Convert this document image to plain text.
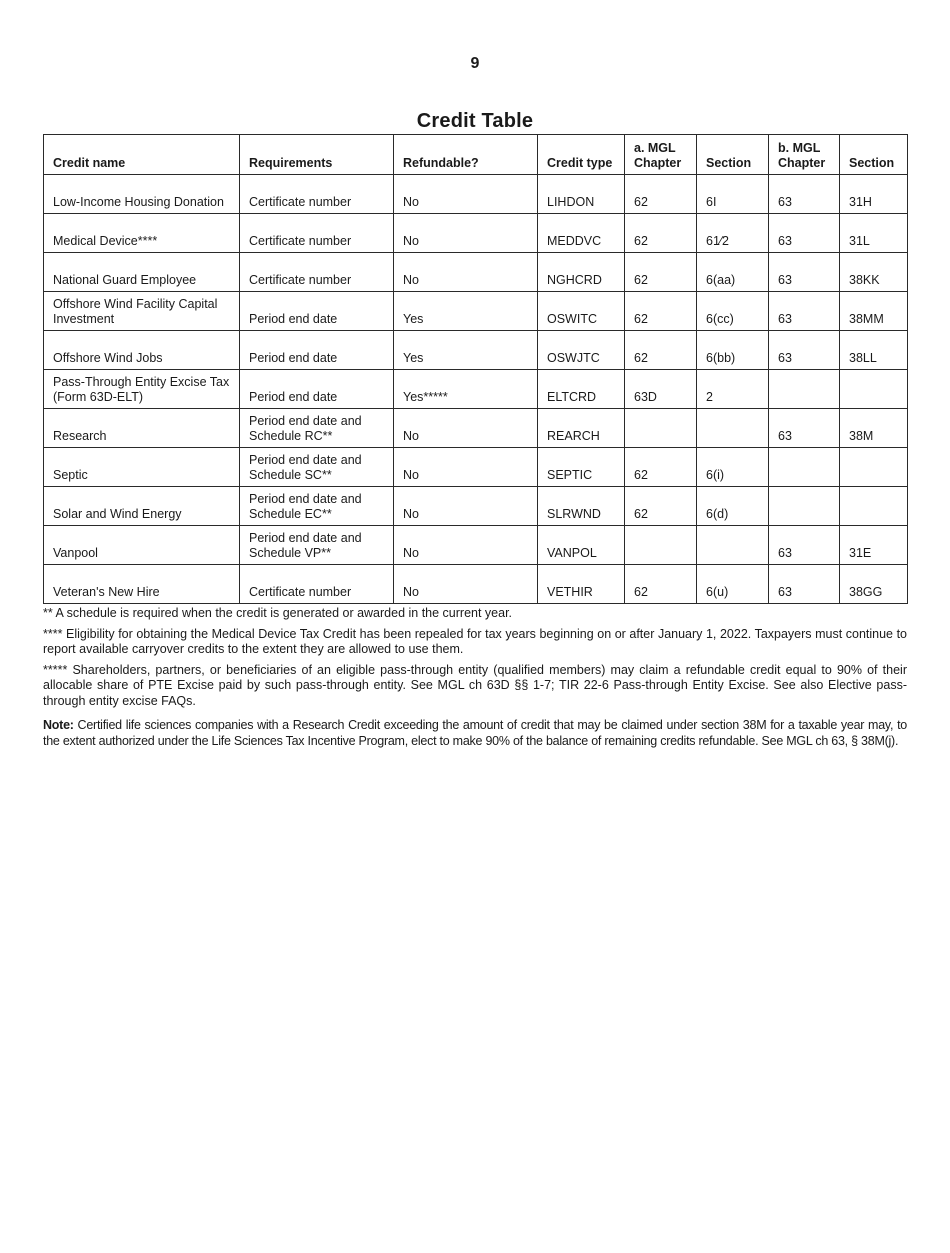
9
Credit Table
Credit name	Requirements	Refundable?	Credit type	a. MGL Chapter	Section	b. MGL Chapter	Section
Low-Income Housing Donation	Certificate number	No	LIHDON	62	6I	63	31H
Medical Device****	Certificate number	No	MEDDVC	62	61⁄2	63	31L
National Guard Employee	Certificate number	No	NGHCRD	62	6(aa)	63	38KK
Offshore Wind Facility Capital Investment	Period end date	Yes	OSWITC	62	6(cc)	63	38MM
Offshore Wind Jobs	Period end date	Yes	OSWJTC	62	6(bb)	63	38LL
Pass-Through Entity Excise Tax (Form 63D-ELT)	Period end date	Yes*****	ELTCRD	63D	2		
Research	Period end date and Schedule RC**	No	REARCH			63	38M
Septic	Period end date and Schedule SC**	No	SEPTIC	62	6(i)		
Solar and Wind Energy	Period end date and Schedule EC**	No	SLRWND	62	6(d)		
Vanpool	Period end date and Schedule VP**	No	VANPOL			63	31E
Veteran's New Hire	Certificate number	No	VETHIR	62	6(u)	63	38GG

** A schedule is required when the credit is generated or awarded in the current year.

**** Eligibility for obtaining the Medical Device Tax Credit has been repealed for tax years beginning on or after January 1, 2022. Taxpayers must continue to report available carryover credits to the extent they are allowed to use them.

***** Shareholders, partners, or beneficiaries of an eligible pass-through entity (qualified members) may claim a refundable credit equal to 90% of their allocable share of PTE Excise paid by such pass-through entity. See MGL ch 63D §§ 1-7; TIR 22-6 Pass-through Entity Excise. See also Elective pass-through entity excise FAQs.

Note: Certified life sciences companies with a Research Credit exceeding the amount of credit that may be claimed under section 38M for a taxable year may, to the extent authorized under the Life Sciences Tax Incentive Program, elect to make 90% of the balance of remaining credits refundable. See MGL ch 63, § 38M(j).
